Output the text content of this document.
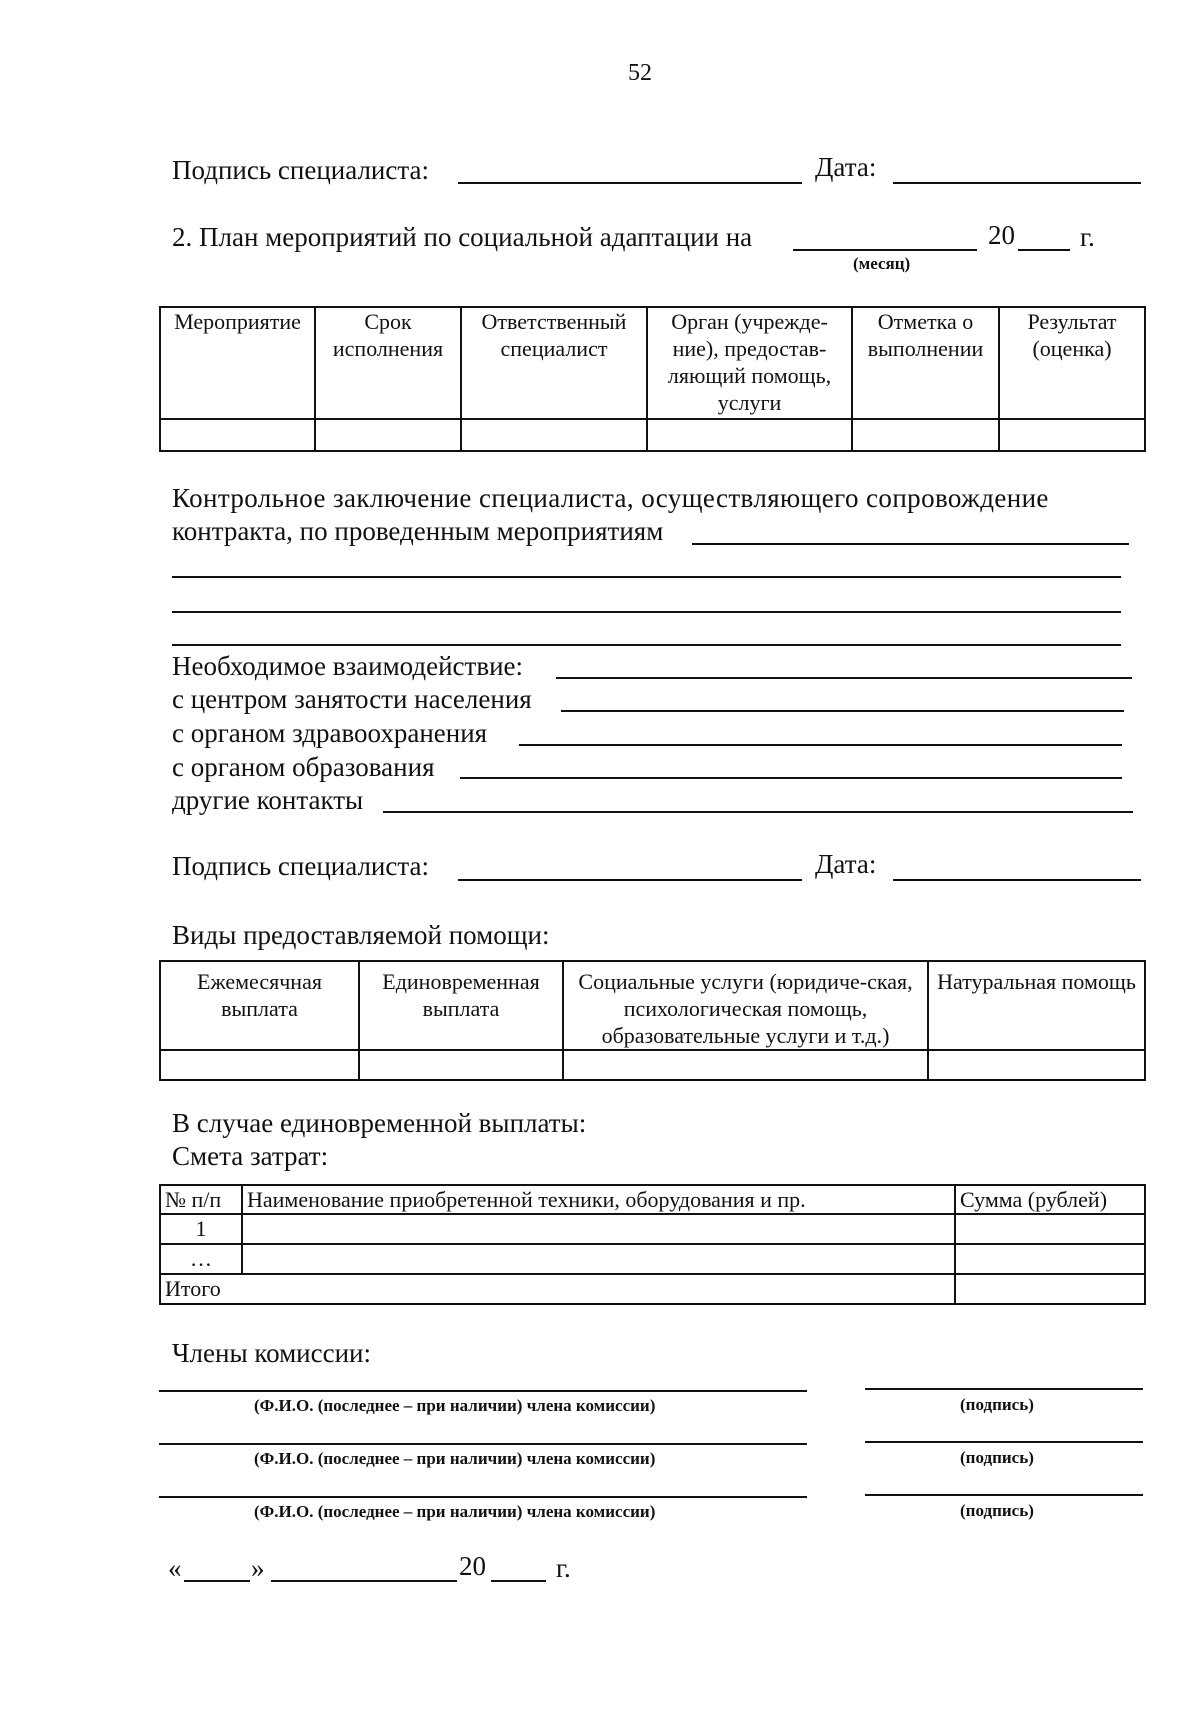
52
Подпись специалиста:	Дата:
2. План мероприятий по социальной адаптации на
(месяц)
20 г.
Мероприятие	Срок исполнения	Ответственный специалист	Орган (учрежде-ние), предостав-ляющий помощь, услуги	Отметка о выполнении	Результат (оценка)

Контрольное заключение специалиста, осуществляющего сопровождение
контракта, по проведенным мероприятиям
Необходимое взаимодействие:
с центром занятости населения
с органом здравоохранения
с органом образования
другие контакты
Подпись специалиста:	Дата:
Виды предоставляемой помощи:
Ежемесячная выплата	Единовременная выплата	Социальные услуги (юридиче-ская, психологическая помощь, образовательные услуги и т.д.)	Натуральная помощь

В случае единовременной выплаты:
Смета затрат:
№ п/п	Наименование приобретенной техники, оборудования и пр.	Сумма (рублей)
1		
…		
Итого		
Члены комиссии:
(Ф.И.О. (последнее – при наличии) члена комиссии)	(подпись)
(Ф.И.О. (последнее – при наличии) члена комиссии)	(подпись)
(Ф.И.О. (последнее – при наличии) члена комиссии)	(подпись)
«	»	20	г.
